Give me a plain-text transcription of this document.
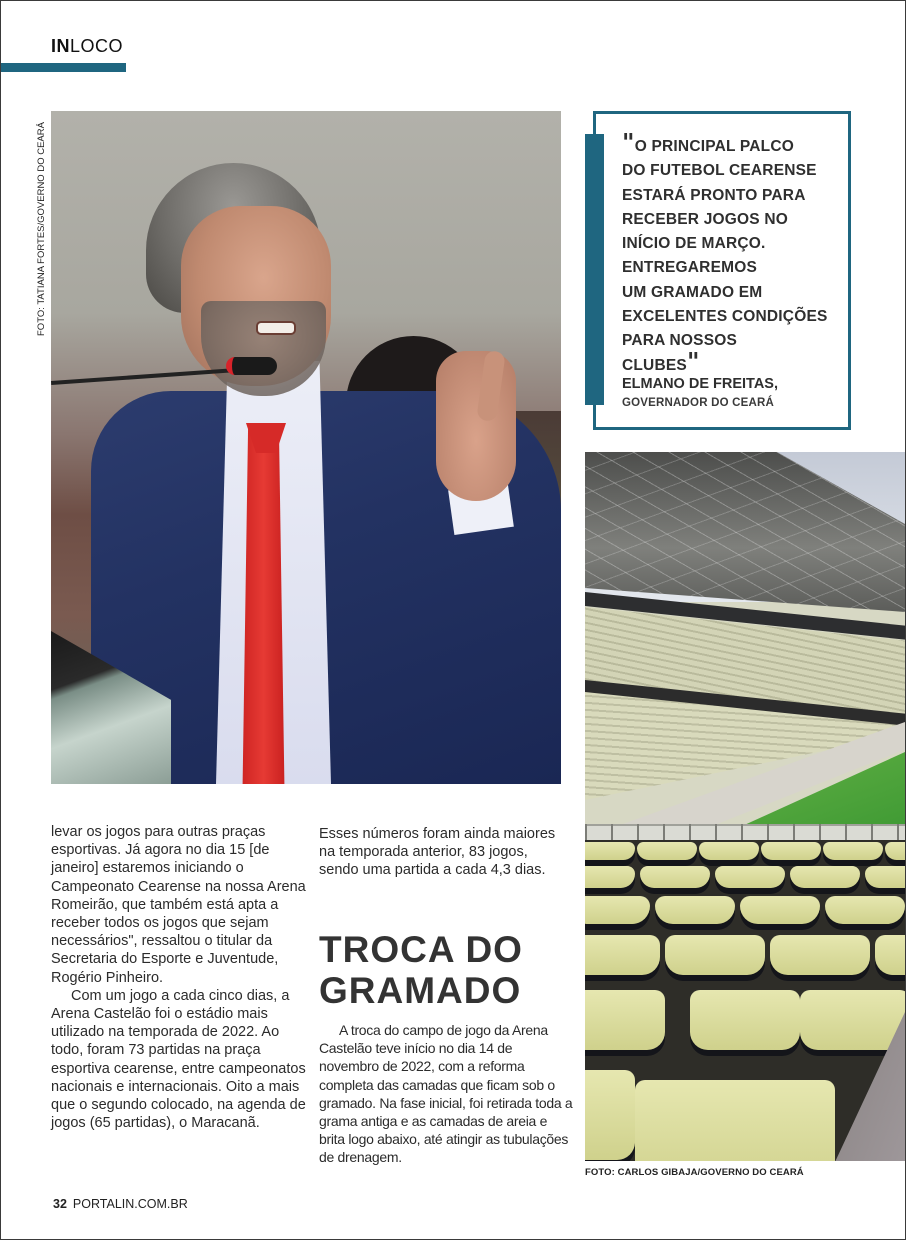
INLOCO
FOTO: TATIANA FORTES/GOVERNO DO CEARÁ	"O PRINCIPAL PALCO
DO FUTEBOL CEARENSE
ESTARÁ PRONTO PARA
RECEBER JOGOS NO
INÍCIO DE MARÇO.
ENTREGAREMOS
UM GRAMADO EM
EXCELENTES CONDIÇÕES
PARA NOSSOS
CLUBES"
ELMANO DE FREITAS,
GOVERNADOR DO CEARÁ
FOTO: CARLOS GIBAJA/GOVERNO DO CEARÁ

levar os jogos para outras praças esportivas. Já agora no dia 15 [de janeiro] estaremos iniciando o Campeonato Cearense na nossa Arena Romeirão, que também está apta a receber todos os jogos que sejam necessários", ressaltou o titular da Secretaria do Esporte e Juventude, Rogério Pinheiro.

Com um jogo a cada cinco dias, a Arena Castelão foi o estádio mais utilizado na temporada de 2022. Ao todo, foram 73 partidas na praça esportiva cearense, entre campeonatos nacionais e internacionais. Oito a mais que o segundo colocado, na agenda de jogos (65 partidas), o Maracanã.

Esses números foram ainda maiores na temporada anterior, 83 jogos, sendo uma partida a cada 4,3 dias.

TROCA DO GRAMADO

A troca do campo de jogo da Arena Castelão teve início no dia 14 de novembro de 2022, com a reforma completa das camadas que ficam sob o gramado. Na fase inicial, foi retirada toda a grama antiga e as camadas de areia e brita logo abaixo, até atingir as tubulações de drenagem.

32 PORTALIN.COM.BR
